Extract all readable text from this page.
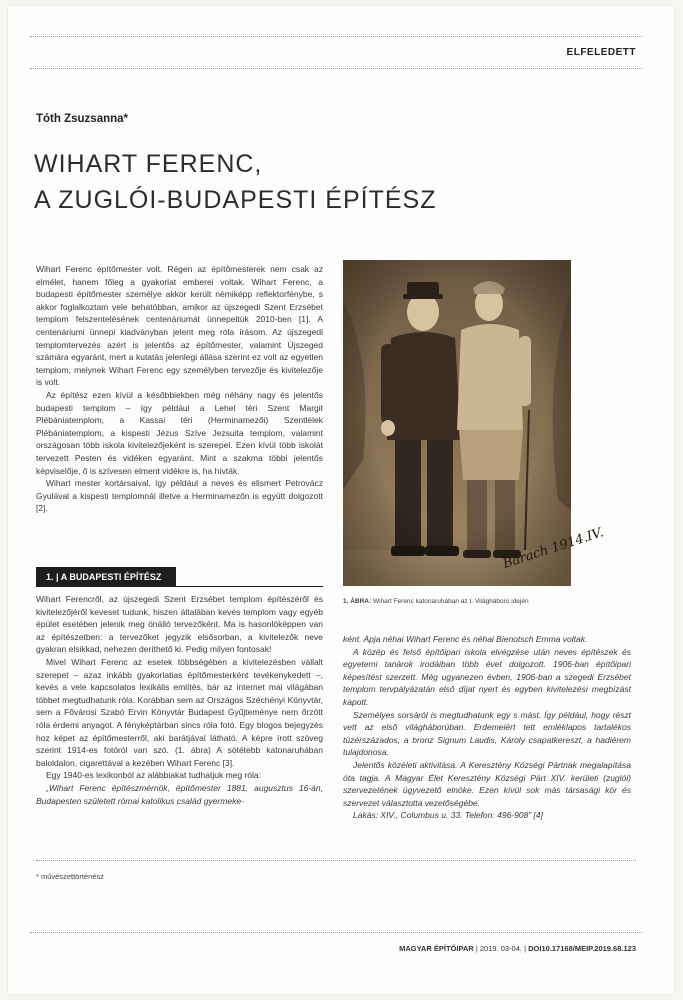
ELFELEDETT
Tóth Zsuzsanna*
WIHART FERENC,
A ZUGLÓI-BUDAPESTI ÉPÍTÉSZ

Wihart Ferenc építőmester volt. Régen az építőmesterek nem csak az elmélet, hanem főleg a gyakorlat emberei voltak. Wihart Ferenc, a budapesti építőmester személye akkor került némiképp reflektorfénybe, s akkor foglalkoztam vele behatóbban, amikor az újszegedi Szent Erzsébet templom felszentelésének centenáriumát ünnepeltük 2010-ben [1]. A centenáriumi ünnepi kiadványban jelent meg róla írásom. Az újszegedi templomtervezés azért is jelentős az építőmester, valamint Újszeged számára egyaránt, mert a kutatás jelenlegi állása szerint ez volt az egyetlen templom, melynek Wihart Ferenc egy személyben tervezője és kivitelezője is volt.

Az építész ezen kívül a későbbiekben még néhány nagy és jelentős budapesti templom – így például a Lehel téri Szent Margit Plébániatemplom, a Kassai téri (Herminamezői) Szentlélek Plébániatemplom, a kispesti Jézus Szíve Jezsuita templom, valamint országosan több iskola kivitelezőjeként is szerepel. Ezen kívül több iskolát tervezett Pesten és vidéken egyaránt. Mint a szakma többi jelentős képviselője, ő is szívesen elment vidékre is, ha hívták.

Wihart mester kortársaival, így például a neves és elismert Petrovácz Gyulával a kispesti templomnál illetve a Herminamezőn is együtt dolgozott [2].

1914.IV.
1. ÁBRA: Wihart Ferenc katonaruhában az I. Világháború idején
1. | A BUDAPESTI ÉPÍTÉSZ

Wihart Ferencről, az újszegedi Szent Erzsébet templom építészéről és kivitelezőjéről keveset tudunk, hiszen általában kevés templom vagy egyéb épület esetében jelenik meg önálló tervezőként. Ma is hasonlóképpen van az építészetben: a tervezőket jegyzik elsősorban, a kivitelezők neve gyakran elsikkad, nehezen deríthető ki. Pedig milyen fontosak!

Mivel Wihart Ferenc az esetek többségében a kivitelezésben vállalt szerepet – azaz inkább gyakorlatias építőmesterként tevékenykedett –, kevés a vele kapcsolatos lexikális említés, bár az internet mai világában többet megtudhatunk róla. Korábban sem az Országos Széchényi Könyvtár, sem a Fővárosi Szabó Ervin Könyvtár Budapest Gyűjteménye nem őrzött róla érdemi anyagot. A fényképtárban sincs róla fotó. Egy blogos bejegyzés hoz képet az építőmesterről, aki barátjával látható. A képre írott szöveg szerint 1914-es fotóról van szó. (1. ábra) A sötétebb katonaruhában baloldalon, cigarettával a kezében Wihart Ferenc [3].

Egy 1940-es lexikonból az alábbiakat tudhatjuk meg róla:

„Wihart Ferenc építészmérnök, építőmester 1881. augusztus 16-án, Budapesten született római katolikus család gyermeke-

ként. Apja néhai Wihart Ferenc és néhai Bienotsch Emma voltak.

A közép és felső építőipari iskola elvégzése után neves építészek és egyetemi tanárok irodáiban több évet dolgozott. 1906-ban építőipari képesítést szerzett. Még ugyanezen évben, 1906-ban a szegedi Erzsébet templom tervpályázatán első díjat nyert és egyben kivitelezési megbízást kapott.

Személyes sorsáról is megtudhatunk egy s mást. Így például, hogy részt vett az első világháborúban. Erdemeiért tett emléklapos tartalékos tüzérszázados, a bronz Signum Laudis, Károly csapatkereszt, a hadiérem tulajdonosa.

Jelentős közéleti aktivitása. A Keresztény Községi Pártnak megalapítása óta tagja. A Magyar Élet Keresztény Községi Párt XIV. kerületi (zuglói) szervezetének ügyvezető elnöke. Ezen kívül sok más társasági kör és szervezet választotta vezetőségébe.

Lakás: XIV., Columbus u. 33. Telefon: 496-908” [4]

* művészettörténész
MAGYAR ÉPÍTŐIPAR | 2019. 03-04. | DOI10.17168/MEIP.2019.68.123
